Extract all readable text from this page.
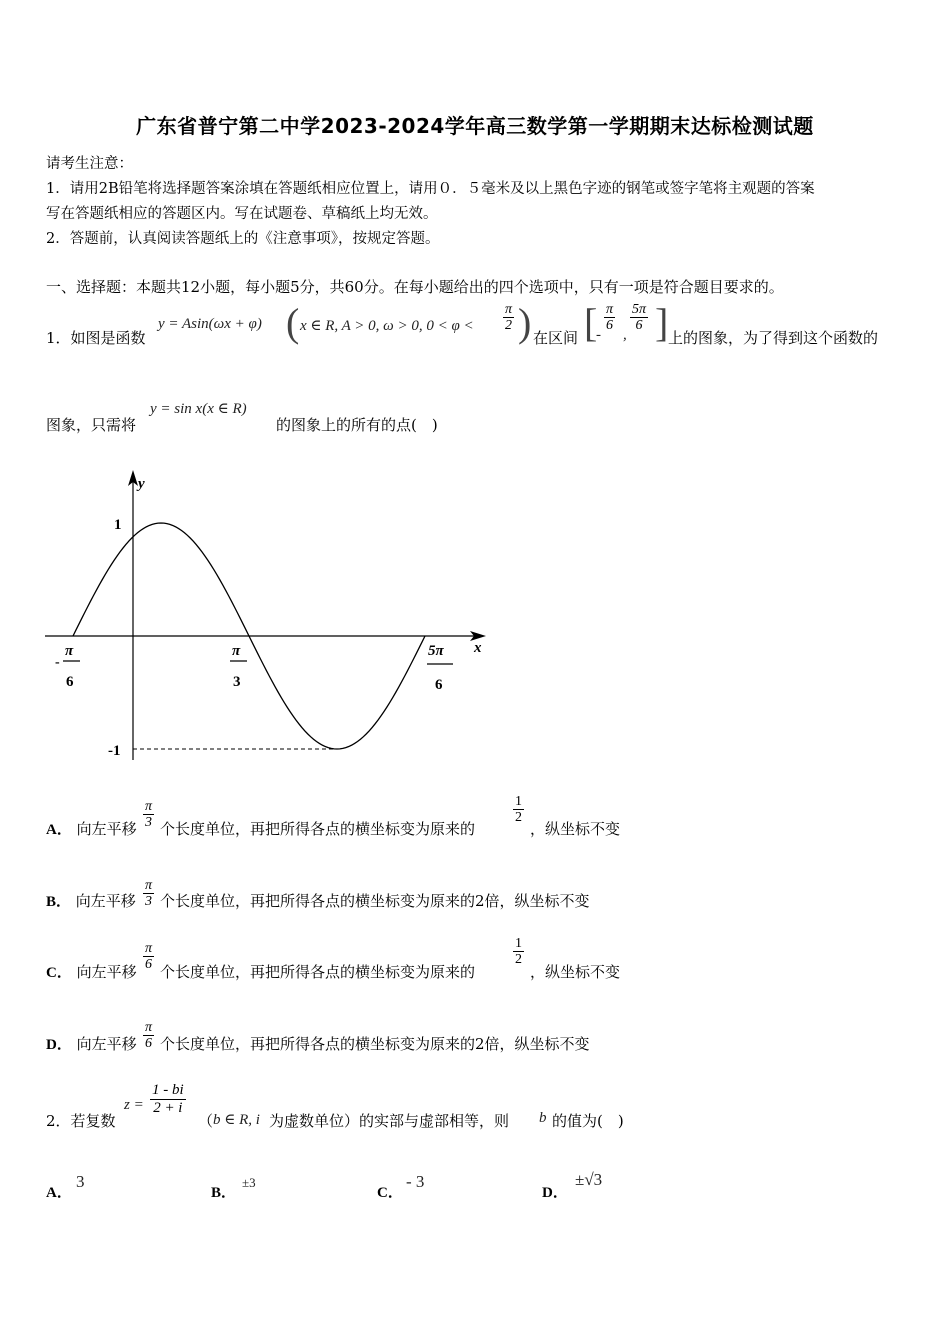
广东省普宁第二中学2023-2024学年高三数学第一学期期末达标检测试题
请考生注意：
1．请用2B铅笔将选择题答案涂填在答题纸相应位置上，请用０．５毫米及以上黑色字迹的钢笔或签字笔将主观题的答案
写在答题纸相应的答题区内。写在试题卷、草稿纸上均无效。
2．答题前，认真阅读答题纸上的《注意事项》，按规定答题。
一、选择题：本题共12小题，每小题5分，共60分。在每小题给出的四个选项中，只有一项是符合题目要求的。
1．如图是函数
y = Asin(ωx + φ) ( x ∈ R, A > 0, ω > 0, $0 < \varphi < \frac{\pi}{2}$ ) 在区间 [
-
$\frac{\pi}{6}$
,
$\frac{5\pi}{6}$ ] 上的图象，为了得到这个函数的
图象，只需将
y = sin x(x ∈ R)
的图象上的所有的点(　)
y
x
1
-1
-
π
6
π
3
5π
6
A． 向左平移 $\frac{\pi}{3}$ 个长度单位，再把所得各点的横坐标变为原来的
$\frac{1}{2}$
，纵坐标不变
B． 向左平移 $\frac{\pi}{3}$ 个长度单位，再把所得各点的横坐标变为原来的2倍，纵坐标不变
C． 向左平移 $\frac{\pi}{6}$ 个长度单位，再把所得各点的横坐标变为原来的
$\frac{1}{2}$
，纵坐标不变
D． 向左平移 $\frac{\pi}{6}$ 个长度单位，再把所得各点的横坐标变为原来的2倍，纵坐标不变
2．若复数
$z = \frac{1 - bi}{2 + i}$
（ b ∈ R, i 为虚数单位）的实部与虚部相等，则 b 的值为(　)
A．
3
B．
±3
C．
- 3
D．
±√3
